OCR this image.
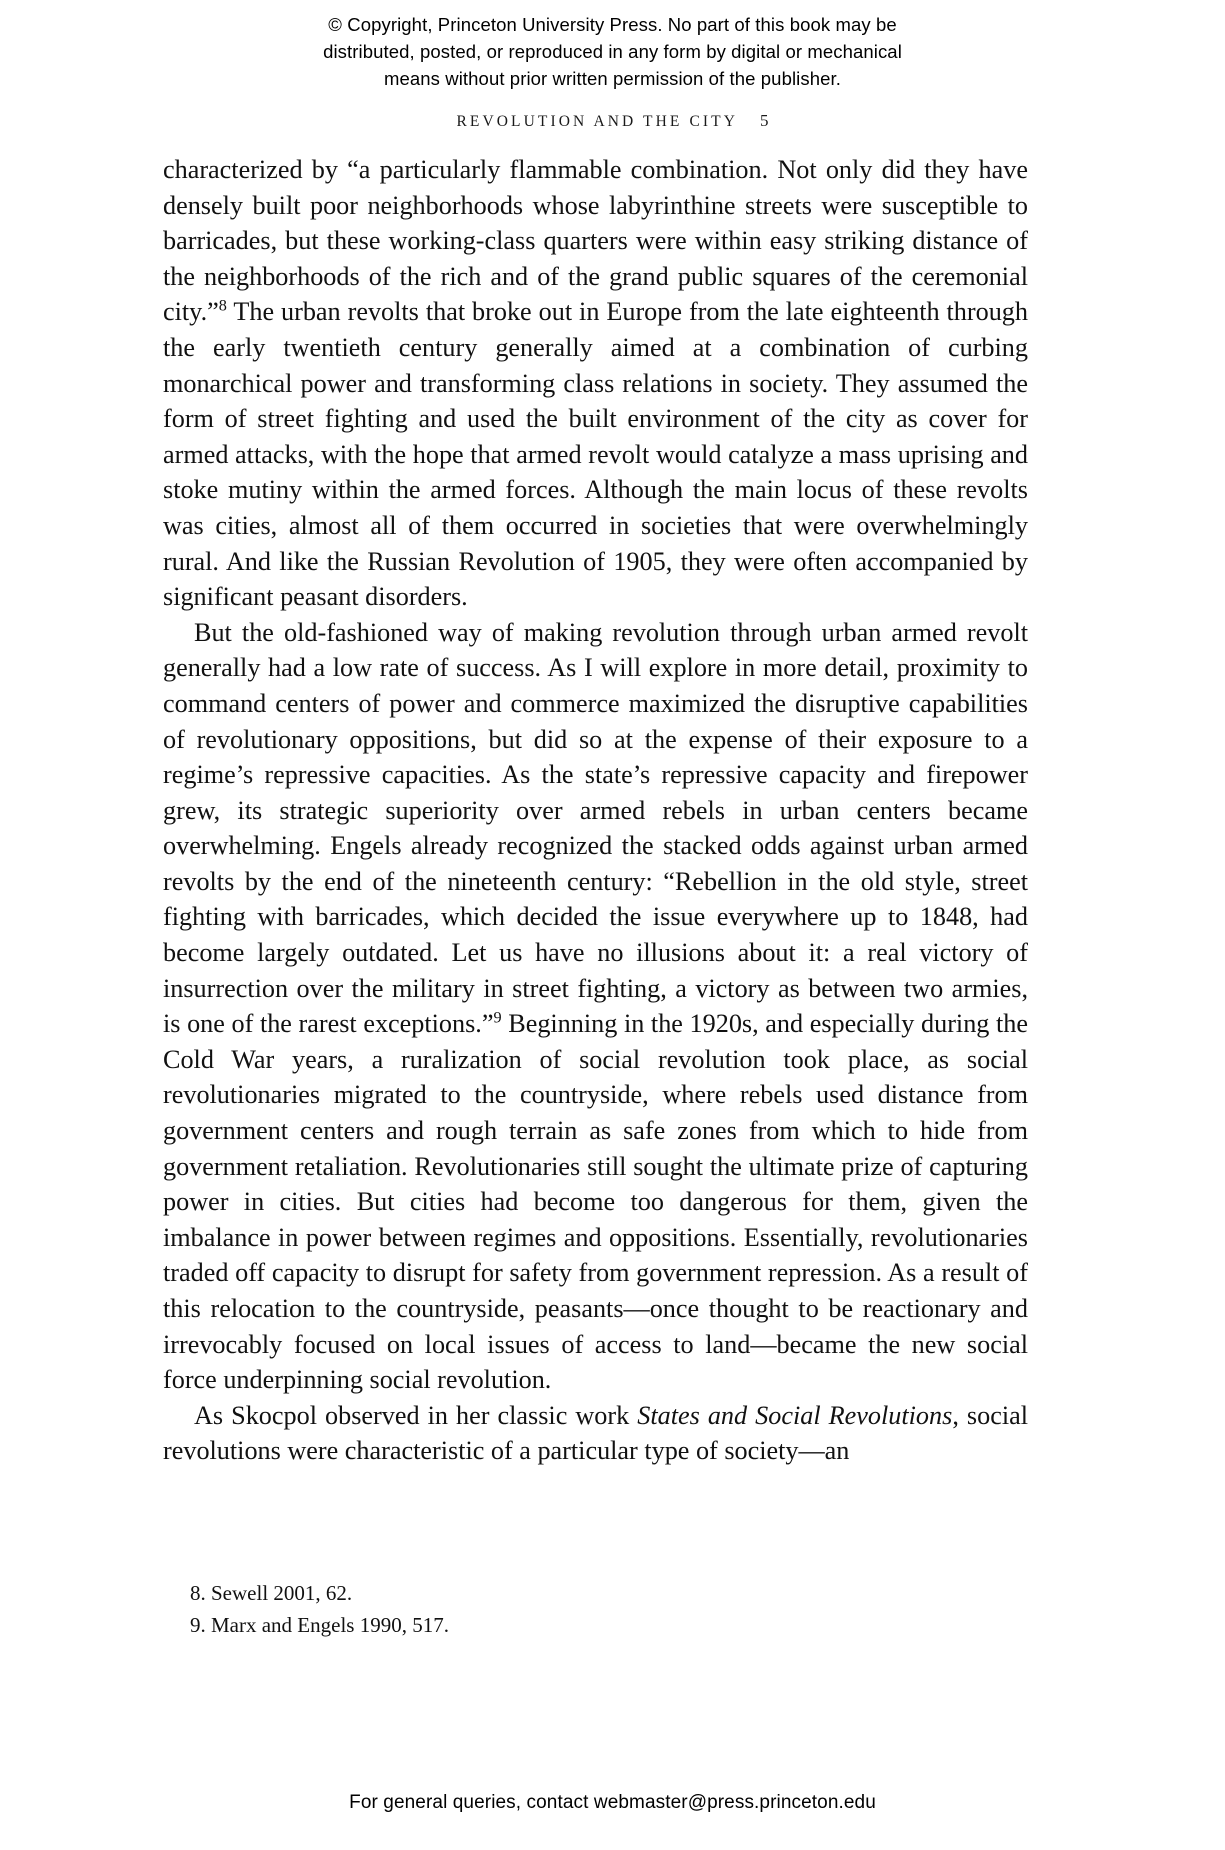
© Copyright, Princeton University Press. No part of this book may be
distributed, posted, or reproduced in any form by digital or mechanical
means without prior written permission of the publisher.
REVOLUTION AND THE CITY 5

characterized by “a particularly flammable combination. Not only did they have densely built poor neighborhoods whose labyrinthine streets were susceptible to barricades, but these working-class quarters were within easy striking distance of the neighborhoods of the rich and of the grand public squares of the ceremonial city.”$^8$ The urban revolts that broke out in Europe from the late eighteenth through the early twentieth century generally aimed at a combination of curbing monarchical power and transforming class relations in society. They assumed the form of street fighting and used the built environment of the city as cover for armed attacks, with the hope that armed revolt would catalyze a mass uprising and stoke mutiny within the armed forces. Although the main locus of these revolts was cities, almost all of them occurred in societies that were overwhelmingly rural. And like the Russian Revolution of 1905, they were often accompanied by significant peasant disorders.

But the old-fashioned way of making revolution through urban armed revolt generally had a low rate of success. As I will explore in more detail, proximity to command centers of power and commerce maximized the disruptive capabilities of revolutionary oppositions, but did so at the expense of their exposure to a regime’s repressive capacities. As the state’s repressive capacity and firepower grew, its strategic superiority over armed rebels in urban centers became overwhelming. Engels already recognized the stacked odds against urban armed revolts by the end of the nineteenth century: “Rebellion in the old style, street fighting with barricades, which decided the issue everywhere up to 1848, had become largely outdated. Let us have no illusions about it: a real victory of insurrection over the military in street fighting, a victory as between two armies, is one of the rarest exceptions.”$^9$ Beginning in the 1920s, and especially during the Cold War years, a ruralization of social revolution took place, as social revolutionaries migrated to the countryside, where rebels used distance from government centers and rough terrain as safe zones from which to hide from government retaliation. Revolutionaries still sought the ultimate prize of capturing power in cities. But cities had become too dangerous for them, given the imbalance in power between regimes and oppositions. Essentially, revolutionaries traded off capacity to disrupt for safety from government repression. As a result of this relocation to the countryside, peasants—once thought to be reactionary and irrevocably focused on local issues of access to land—became the new social force underpinning social revolution.

As Skocpol observed in her classic work States and Social Revolutions, social revolutions were characteristic of a particular type of society—an

8. Sewell 2001, 62.

9. Marx and Engels 1990, 517.

For general queries, contact webmaster@press.princeton.edu
